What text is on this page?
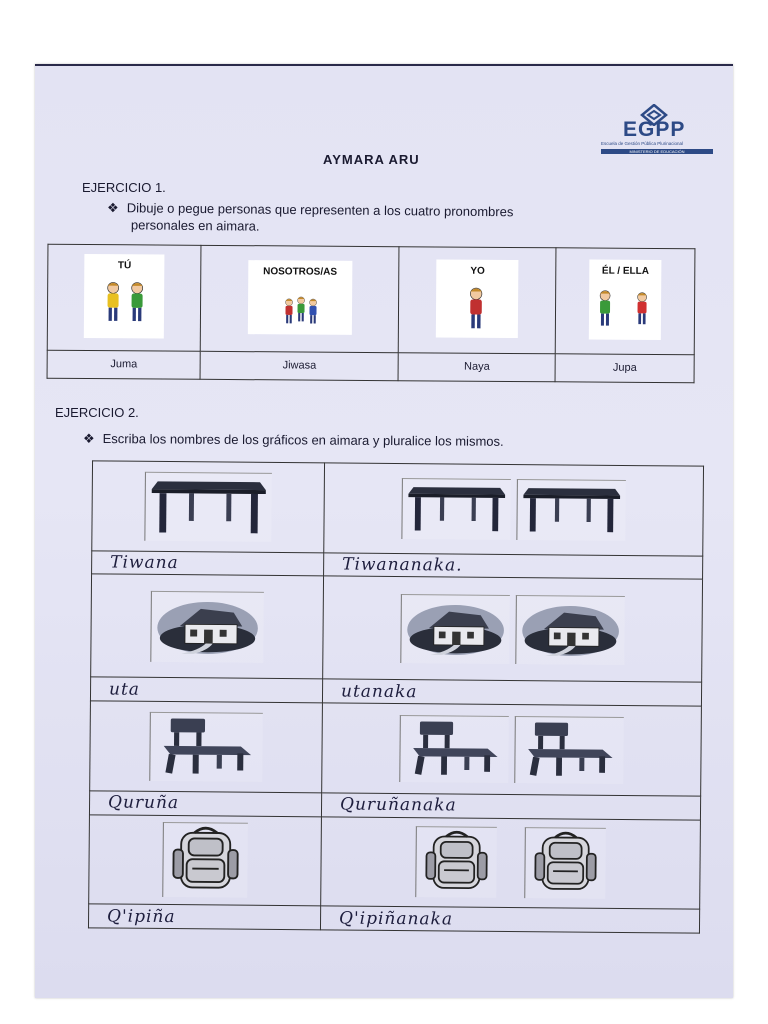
EGPP
Escuela de Gestión Pública Plurinacional
MINISTERIO DE EDUCACIÓN
AYMARA ARU
EJERCICIO 1.
❖ Dibuje o pegue personas que representen a los cuatro pronombres
personales en aimara.
TÚ	NOSOTROS/AS	YO	ÉL / ELLA

Juma	Jiwasa	Naya	Jupa
EJERCICIO 2.
❖ Escriba los nombres de los gráficos en aimara y pluralice los mismos.

Tiwana	Tiwananaka.

uta	utanaka

Quruña	Quruñanaka

Q'ipiña	Q'ipiñanaka
